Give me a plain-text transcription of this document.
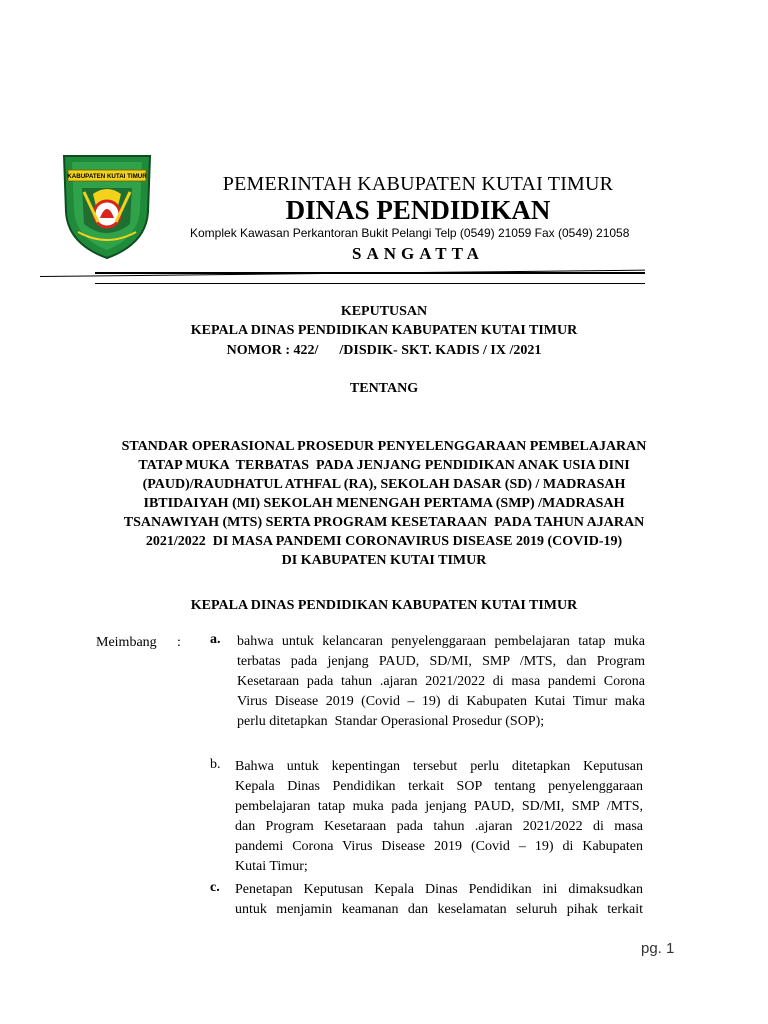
KABUPATEN KUTAI TIMUR	PEMERINTAH KABUPATEN KUTAI TIMUR
DINAS PENDIDIKAN
Komplek Kawasan Perkantoran Bukit Pelangi Telp (0549) 21059 Fax (0549) 21058
SANGATTA
KEPUTUSAN
KEPALA DINAS PENDIDIKAN KABUPATEN KUTAI TIMUR
NOMOR : 422/      /DISDIK- SKT. KADIS / IX /2021
TENTANG
STANDAR OPERASIONAL PROSEDUR PENYELENGGARAAN PEMBELAJARAN
TATAP MUKA  TERBATAS  PADA JENJANG PENDIDIKAN ANAK USIA DINI
(PAUD)/RAUDHATUL ATHFAL (RA), SEKOLAH DASAR (SD) / MADRASAH
IBTIDAIYAH (MI) SEKOLAH MENENGAH PERTAMA (SMP) /MADRASAH
TSANAWIYAH (MTS) SERTA PROGRAM KESETARAAN  PADA TAHUN AJARAN
2021/2022  DI MASA PANDEMI CORONAVIRUS DISEASE 2019 (COVID-19)
DI KABUPATEN KUTAI TIMUR
KEPALA DINAS PENDIDIKAN KABUPATEN KUTAI TIMUR
Meimbang : a. bahwa untuk kelancaran penyelenggaraan pembelajaran tatap muka
terbatas pada jenjang PAUD, SD/MI, SMP /MTS, dan Program
Kesetaraan pada tahun .ajaran 2021/2022 di masa pandemi Corona
Virus Disease 2019 (Covid – 19) di Kabupaten Kutai Timur maka
perlu ditetapkan  Standar Operasional Prosedur (SOP);
b. Bahwa untuk kepentingan tersebut perlu ditetapkan Keputusan
Kepala Dinas Pendidikan terkait SOP tentang penyelenggaraan
pembelajaran tatap muka pada jenjang PAUD, SD/MI, SMP /MTS,
dan Program Kesetaraan pada tahun .ajaran 2021/2022 di masa
pandemi Corona Virus Disease 2019 (Covid – 19) di Kabupaten
Kutai Timur;
c. Penetapan Keputusan Kepala Dinas Pendidikan ini dimaksudkan
untuk menjamin keamanan dan keselamatan seluruh pihak terkait
pg. 1
